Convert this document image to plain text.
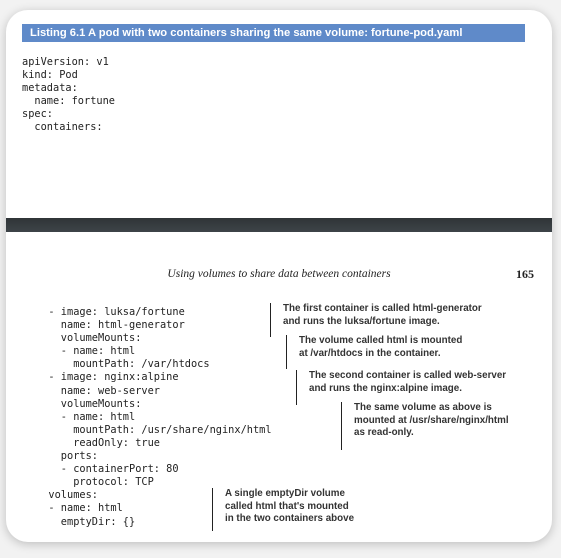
Listing 6.1 A pod with two containers sharing the same volume: fortune-pod.yaml
apiVersion: v1
kind: Pod
metadata:
name: fortune
spec:
containers:
Using volumes to share data between containers	165
- image: luksa/fortune
name: html-generator
volumeMounts:
- name: html
mountPath: /var/htdocs
- image: nginx:alpine
name: web-server
volumeMounts:
- name: html
mountPath: /usr/share/nginx/html
readOnly: true
ports:
- containerPort: 80
protocol: TCP
volumes:
- name: html
emptyDir: {}
The first container is called html-generator
and runs the luksa/fortune image.
The volume called html is mounted
at /var/htdocs in the container.
The second container is called web-server
and runs the nginx:alpine image.
The same volume as above is
mounted at /usr/share/nginx/html
as read-only.
A single emptyDir volume
called html that's mounted
in the two containers above
